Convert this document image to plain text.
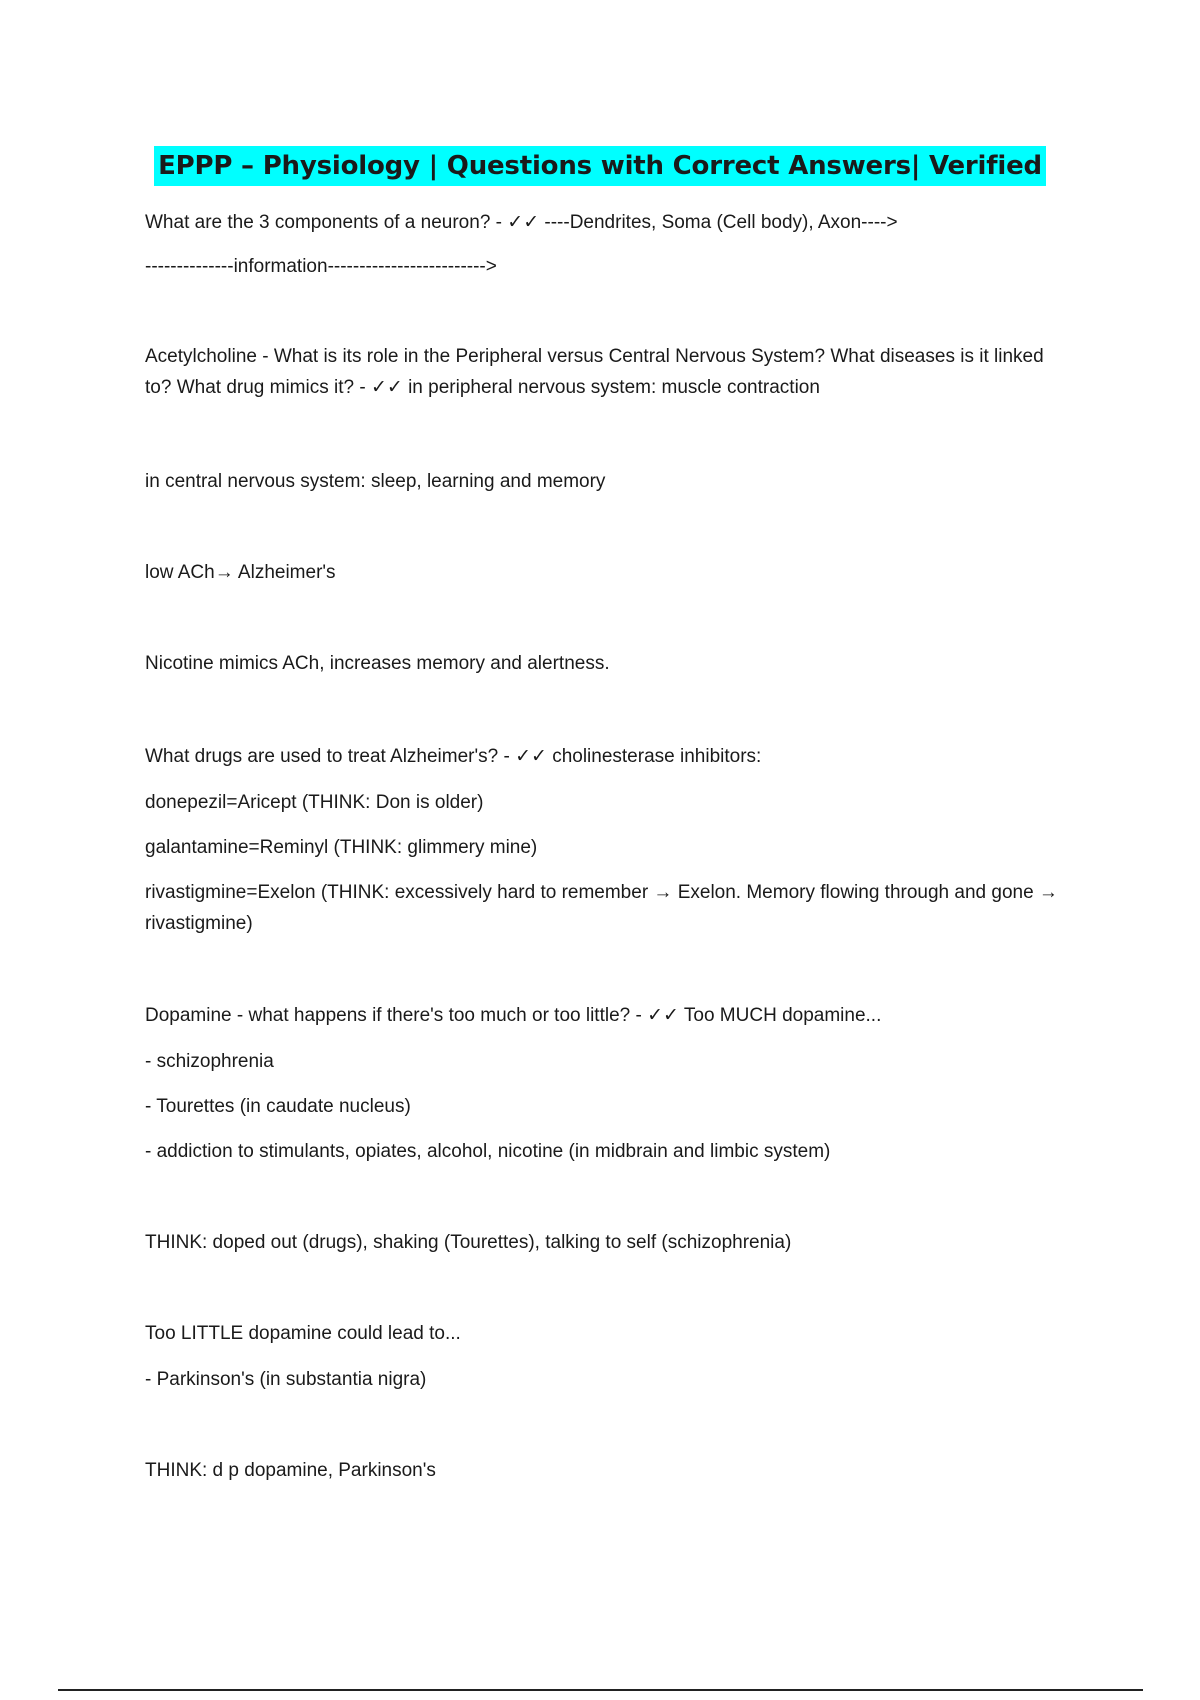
EPPP – Physiology | Questions with Correct Answers| Verified
What are the 3 components of a neuron? - ✓✓ ----Dendrites, Soma (Cell body), Axon---->
--------------information------------------------->
Acetylcholine - What is its role in the Peripheral versus Central Nervous System? What diseases is it linked to? What drug mimics it? - ✓✓ in peripheral nervous system: muscle contraction
in central nervous system: sleep, learning and memory
low ACh→ Alzheimer's
Nicotine mimics ACh, increases memory and alertness.
What drugs are used to treat Alzheimer's? - ✓✓ cholinesterase inhibitors:
donepezil=Aricept (THINK: Don is older)
galantamine=Reminyl (THINK: glimmery mine)
rivastigmine=Exelon (THINK: excessively hard to remember → Exelon. Memory flowing through and gone → rivastigmine)
Dopamine - what happens if there's too much or too little? - ✓✓ Too MUCH dopamine...
- schizophrenia
- Tourettes (in caudate nucleus)
- addiction to stimulants, opiates, alcohol, nicotine (in midbrain and limbic system)
THINK: doped out (drugs), shaking (Tourettes), talking to self (schizophrenia)
Too LITTLE dopamine could lead to...
- Parkinson's (in substantia nigra)
THINK: d p dopamine, Parkinson's
